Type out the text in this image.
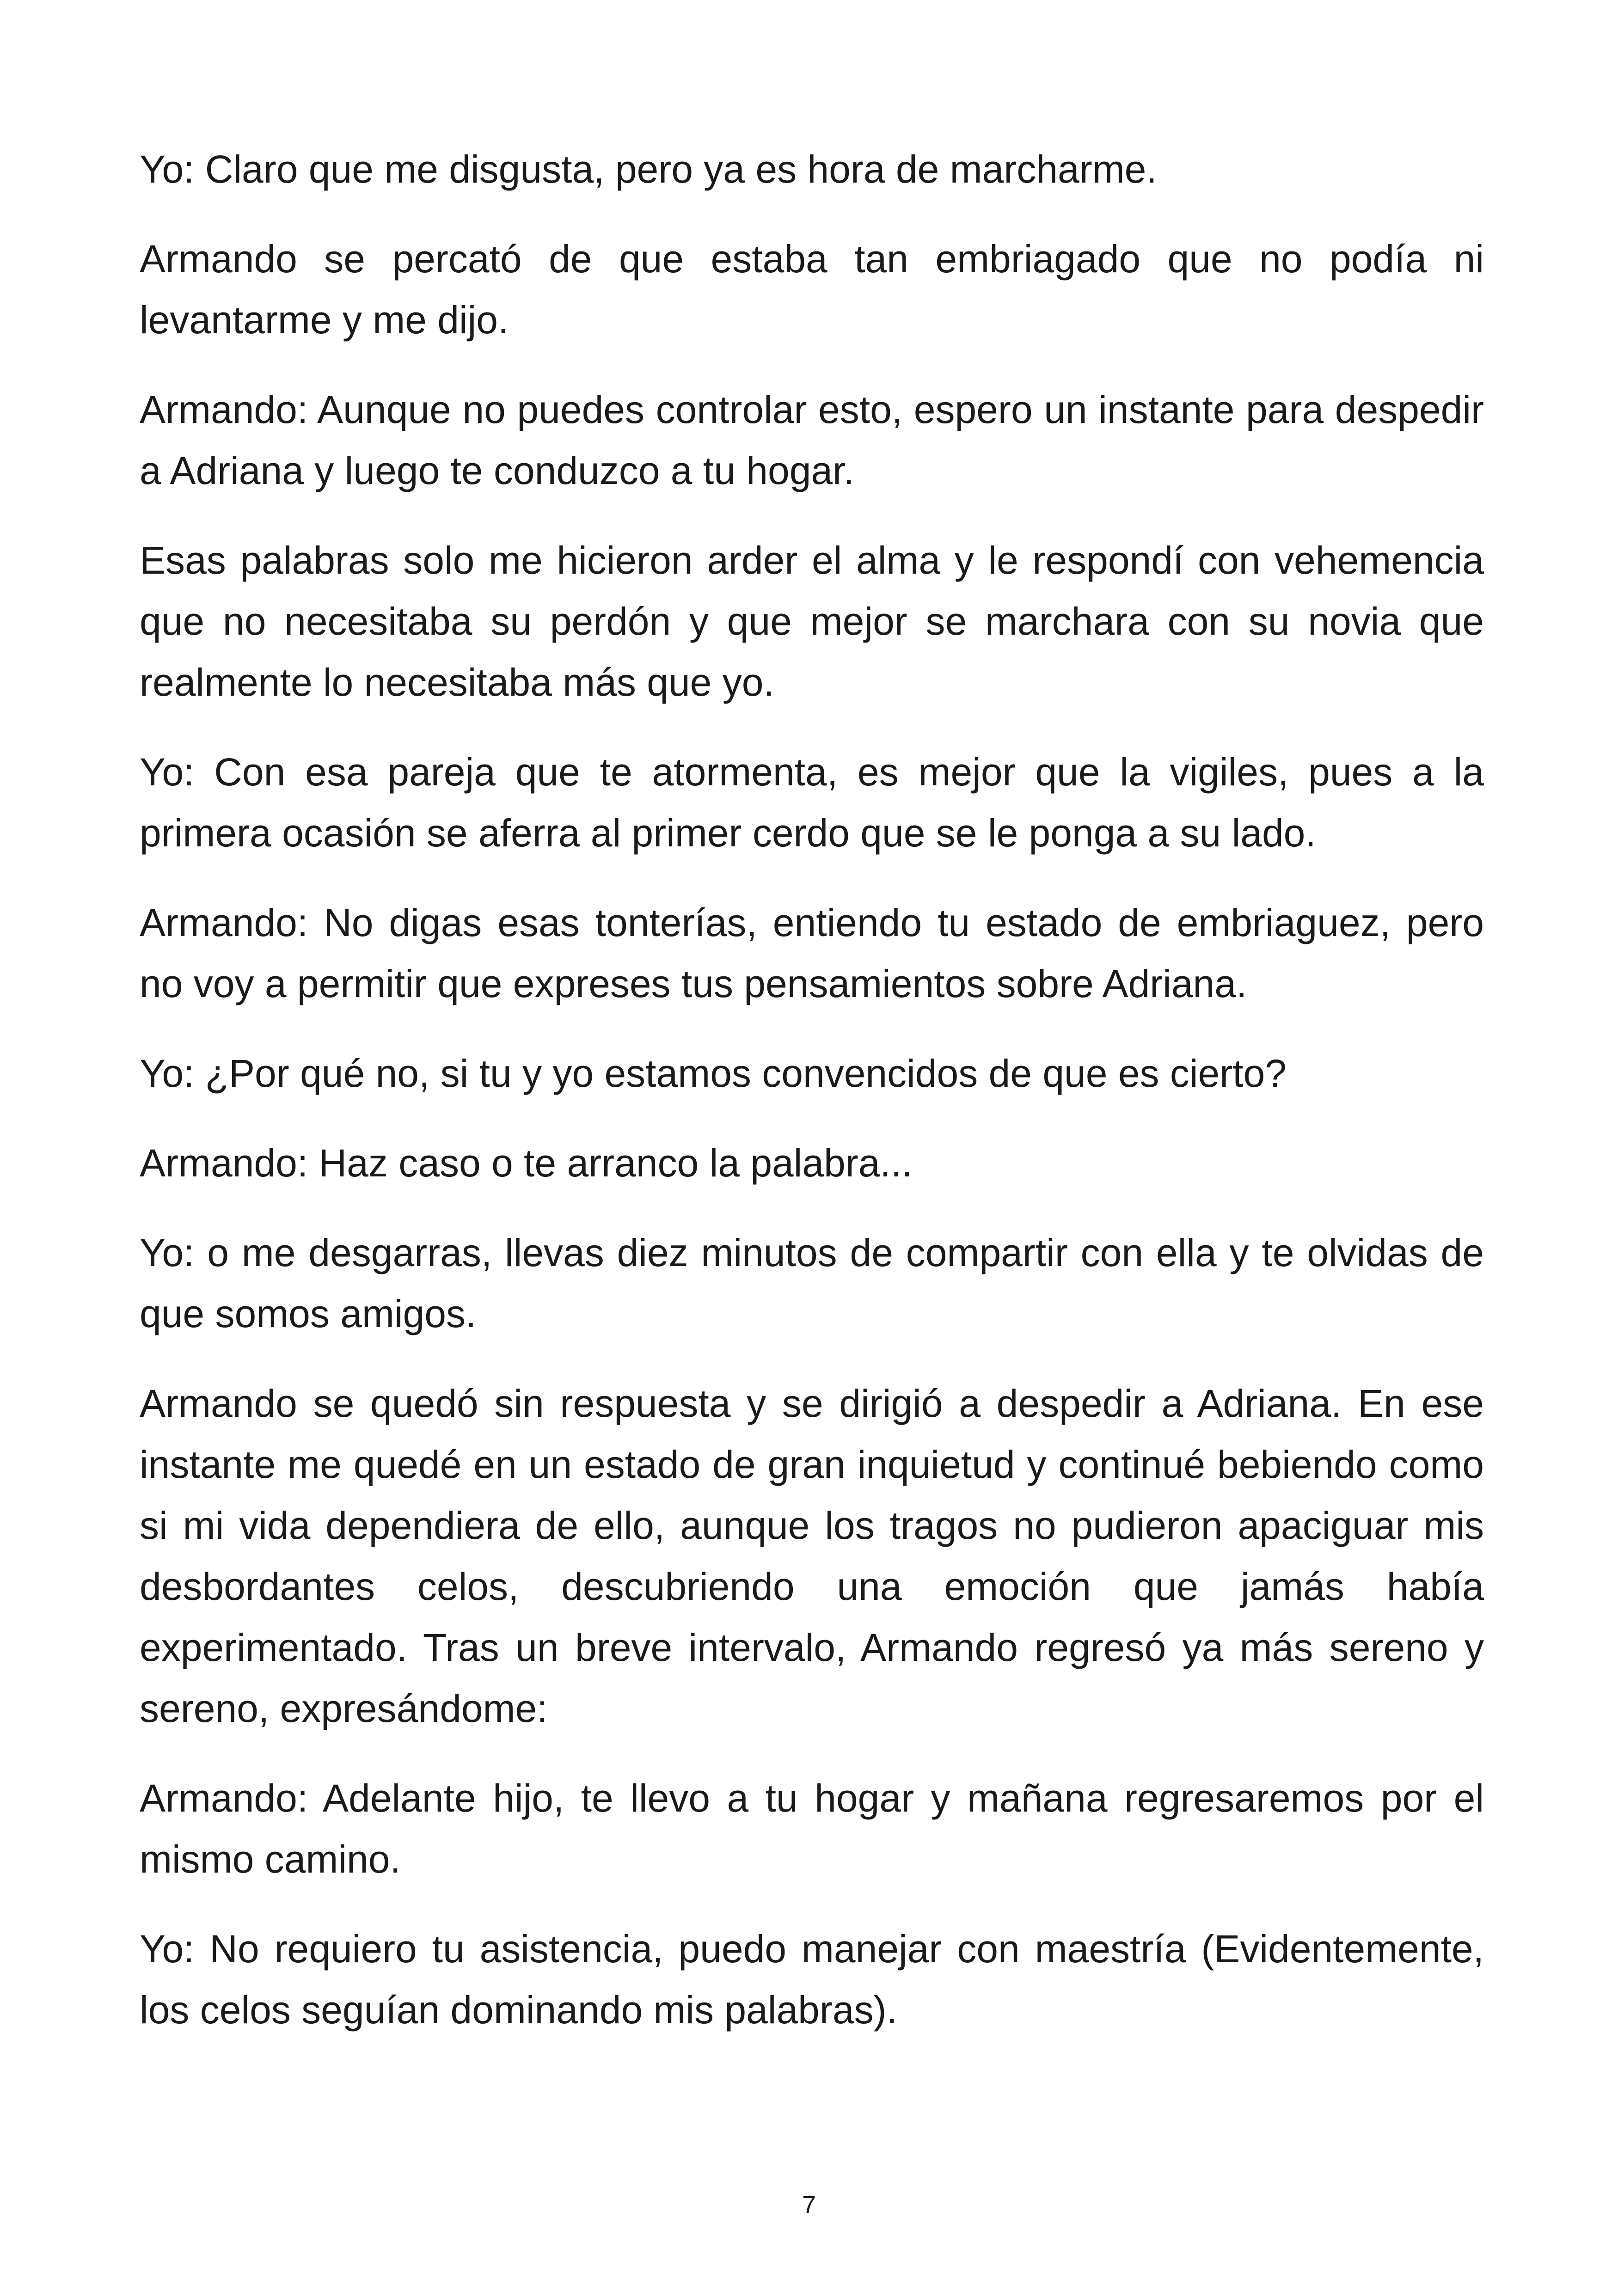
Yo: Claro que me disgusta, pero ya es hora de marcharme.

Armando se percató de que estaba tan embriagado que no podía ni levantarme y me dijo.

Armando: Aunque no puedes controlar esto, espero un instante para despedir a Adriana y luego te conduzco a tu hogar.

Esas palabras solo me hicieron arder el alma y le respondí con vehemencia que no necesitaba su perdón y que mejor se marchara con su novia que realmente lo necesitaba más que yo.

Yo: Con esa pareja que te atormenta, es mejor que la vigiles, pues a la primera ocasión se aferra al primer cerdo que se le ponga a su lado.

Armando: No digas esas tonterías, entiendo tu estado de embriaguez, pero no voy a permitir que expreses tus pensamientos sobre Adriana.

Yo: ¿Por qué no, si tu y yo estamos convencidos de que es cierto?

Armando: Haz caso o te arranco la palabra...

Yo: o me desgarras, llevas diez minutos de compartir con ella y te olvidas de que somos amigos.

Armando se quedó sin respuesta y se dirigió a despedir a Adriana. En ese instante me quedé en un estado de gran inquietud y continué bebiendo como si mi vida dependiera de ello, aunque los tragos no pudieron apaciguar mis desbordantes celos, descubriendo una emoción que jamás había experimentado. Tras un breve intervalo, Armando regresó ya más sereno y sereno, expresándome:

Armando: Adelante hijo, te llevo a tu hogar y mañana regresaremos por el mismo camino.

Yo: No requiero tu asistencia, puedo manejar con maestría (Evidentemente, los celos seguían dominando mis palabras).

7
